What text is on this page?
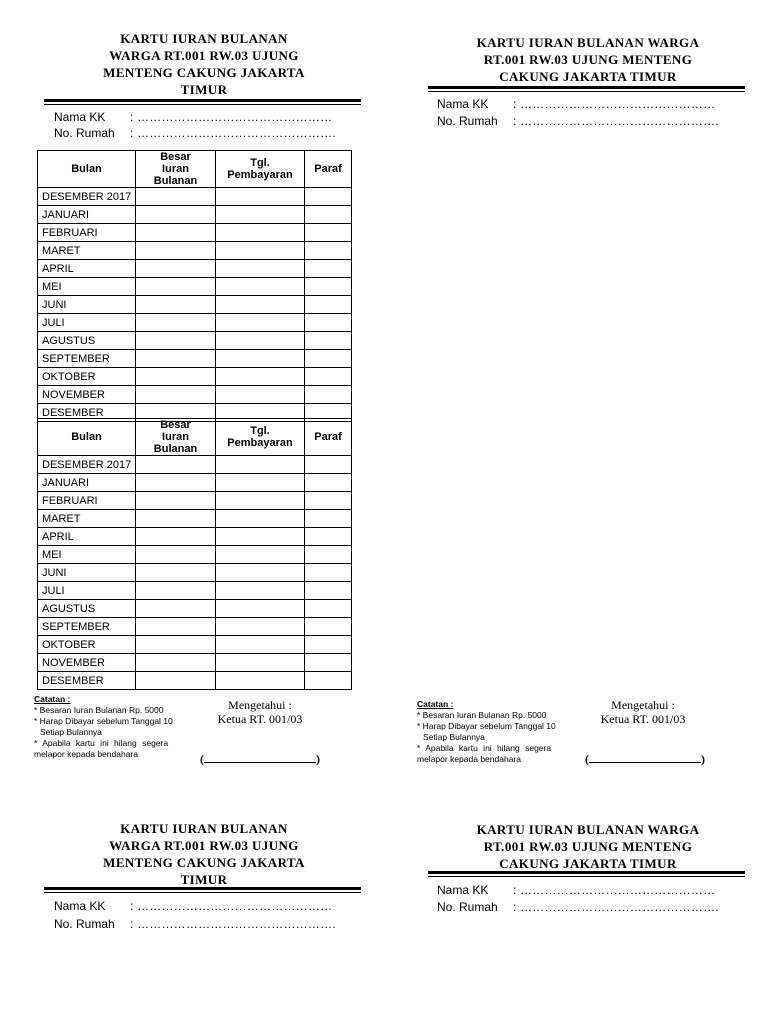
KARTU IURAN BULANAN
WARGA RT.001 RW.03 UJUNG
MENTENG CAKUNG JAKARTA
TIMUR
Nama KK : …………………………………………
No. Rumah : ………………………………………….
Bulan	Besar Iuran Bulanan	Tgl. Pembayaran	Paraf
DESEMBER 2017			
JANUARI			
FEBRUARI			
MARET			
APRIL			
MEI			
JUNI			
JULI			
AGUSTUS			
SEPTEMBER			
OKTOBER			
NOVEMBER			
DESEMBER			
Bulan	Besar Iuran Bulanan	Tgl. Pembayaran	Paraf
DESEMBER 2017			
JANUARI			
FEBRUARI			
MARET			
APRIL			
MEI			
JUNI			
JULI			
AGUSTUS			
SEPTEMBER			
OKTOBER			
NOVEMBER			
DESEMBER			
Catatan :
* Besaran Iuran Bulanan Rp. 5000
* Harap Dibayar sebelum Tanggal 10
Setiap Bulannya
* Apabila kartu ini hilang segera
melapor kepada bendahara
Mengetahui :
Ketua RT. 001/03
(	)
KARTU IURAN BULANAN WARGA
RT.001 RW.03 UJUNG MENTENG
CAKUNG JAKARTA TIMUR
Nama KK : …………………………………………
No. Rumah : ………………………………………….
Catatan :
* Besaran Iuran Bulanan Rp. 5000
* Harap Dibayar sebelum Tanggal 10
Setiap Bulannya
* Apabila kartu ini hilang segera
melapor kepada bendahara
Mengetahui :
Ketua RT. 001/03
(	)
KARTU IURAN BULANAN
WARGA RT.001 RW.03 UJUNG
MENTENG CAKUNG JAKARTA
TIMUR
Nama KK : …………………………………………
No. Rumah : ………………………………………….
KARTU IURAN BULANAN WARGA
RT.001 RW.03 UJUNG MENTENG
CAKUNG JAKARTA TIMUR
Nama KK : …………………………………………
No. Rumah : ………………………………………….
